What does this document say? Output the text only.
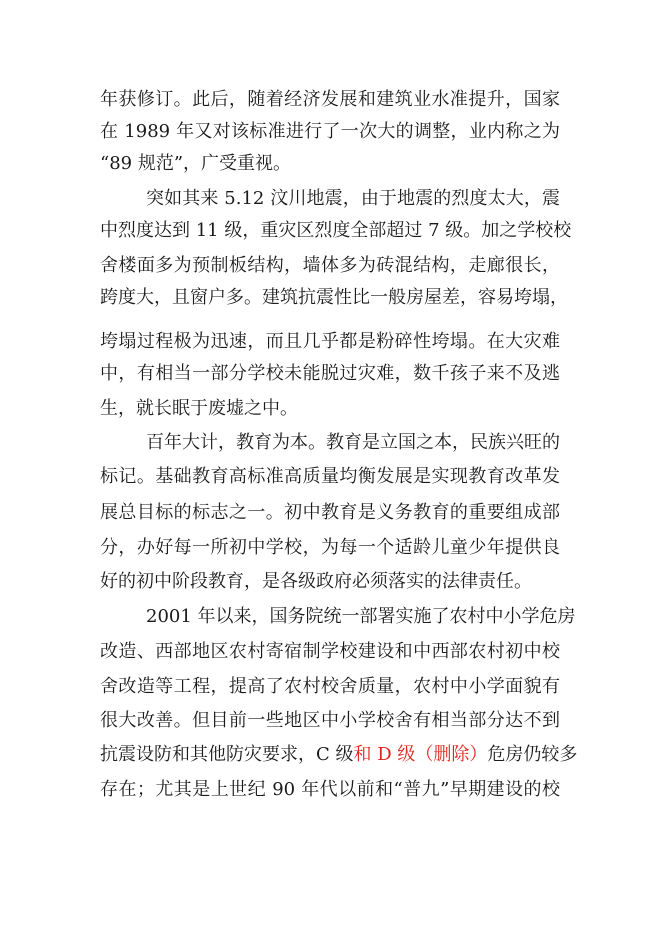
年获修订。此后，随着经济发展和建筑业水准提升，国家
在 1989 年又对该标准进行了一次大的调整，业内称之为
“89 规范”，广受重视。
突如其来 5.12 汶川地震，由于地震的烈度太大，震
中烈度达到 11 级，重灾区烈度全部超过 7 级。加之学校校
舍楼面多为预制板结构，墙体多为砖混结构，走廊很长，
跨度大，且窗户多。建筑抗震性比一般房屋差，容易垮塌，
垮塌过程极为迅速，而且几乎都是粉碎性垮塌。在大灾难
中，有相当一部分学校未能脱过灾难，数千孩子来不及逃
生，就长眠于废墟之中。
百年大计，教育为本。教育是立国之本，民族兴旺的
标记。基础教育高标准高质量均衡发展是实现教育改革发
展总目标的标志之一。初中教育是义务教育的重要组成部
分，办好每一所初中学校，为每一个适龄儿童少年提供良
好的初中阶段教育，是各级政府必须落实的法律责任。
2001 年以来，国务院统一部署实施了农村中小学危房
改造、西部地区农村寄宿制学校建设和中西部农村初中校
舍改造等工程，提高了农村校舍质量，农村中小学面貌有
很大改善。但目前一些地区中小学校舍有相当部分达不到
抗震设防和其他防灾要求，C 级和 D 级（删除）危房仍较多
存在；尤其是上世纪 90 年代以前和“普九”早期建设的校
